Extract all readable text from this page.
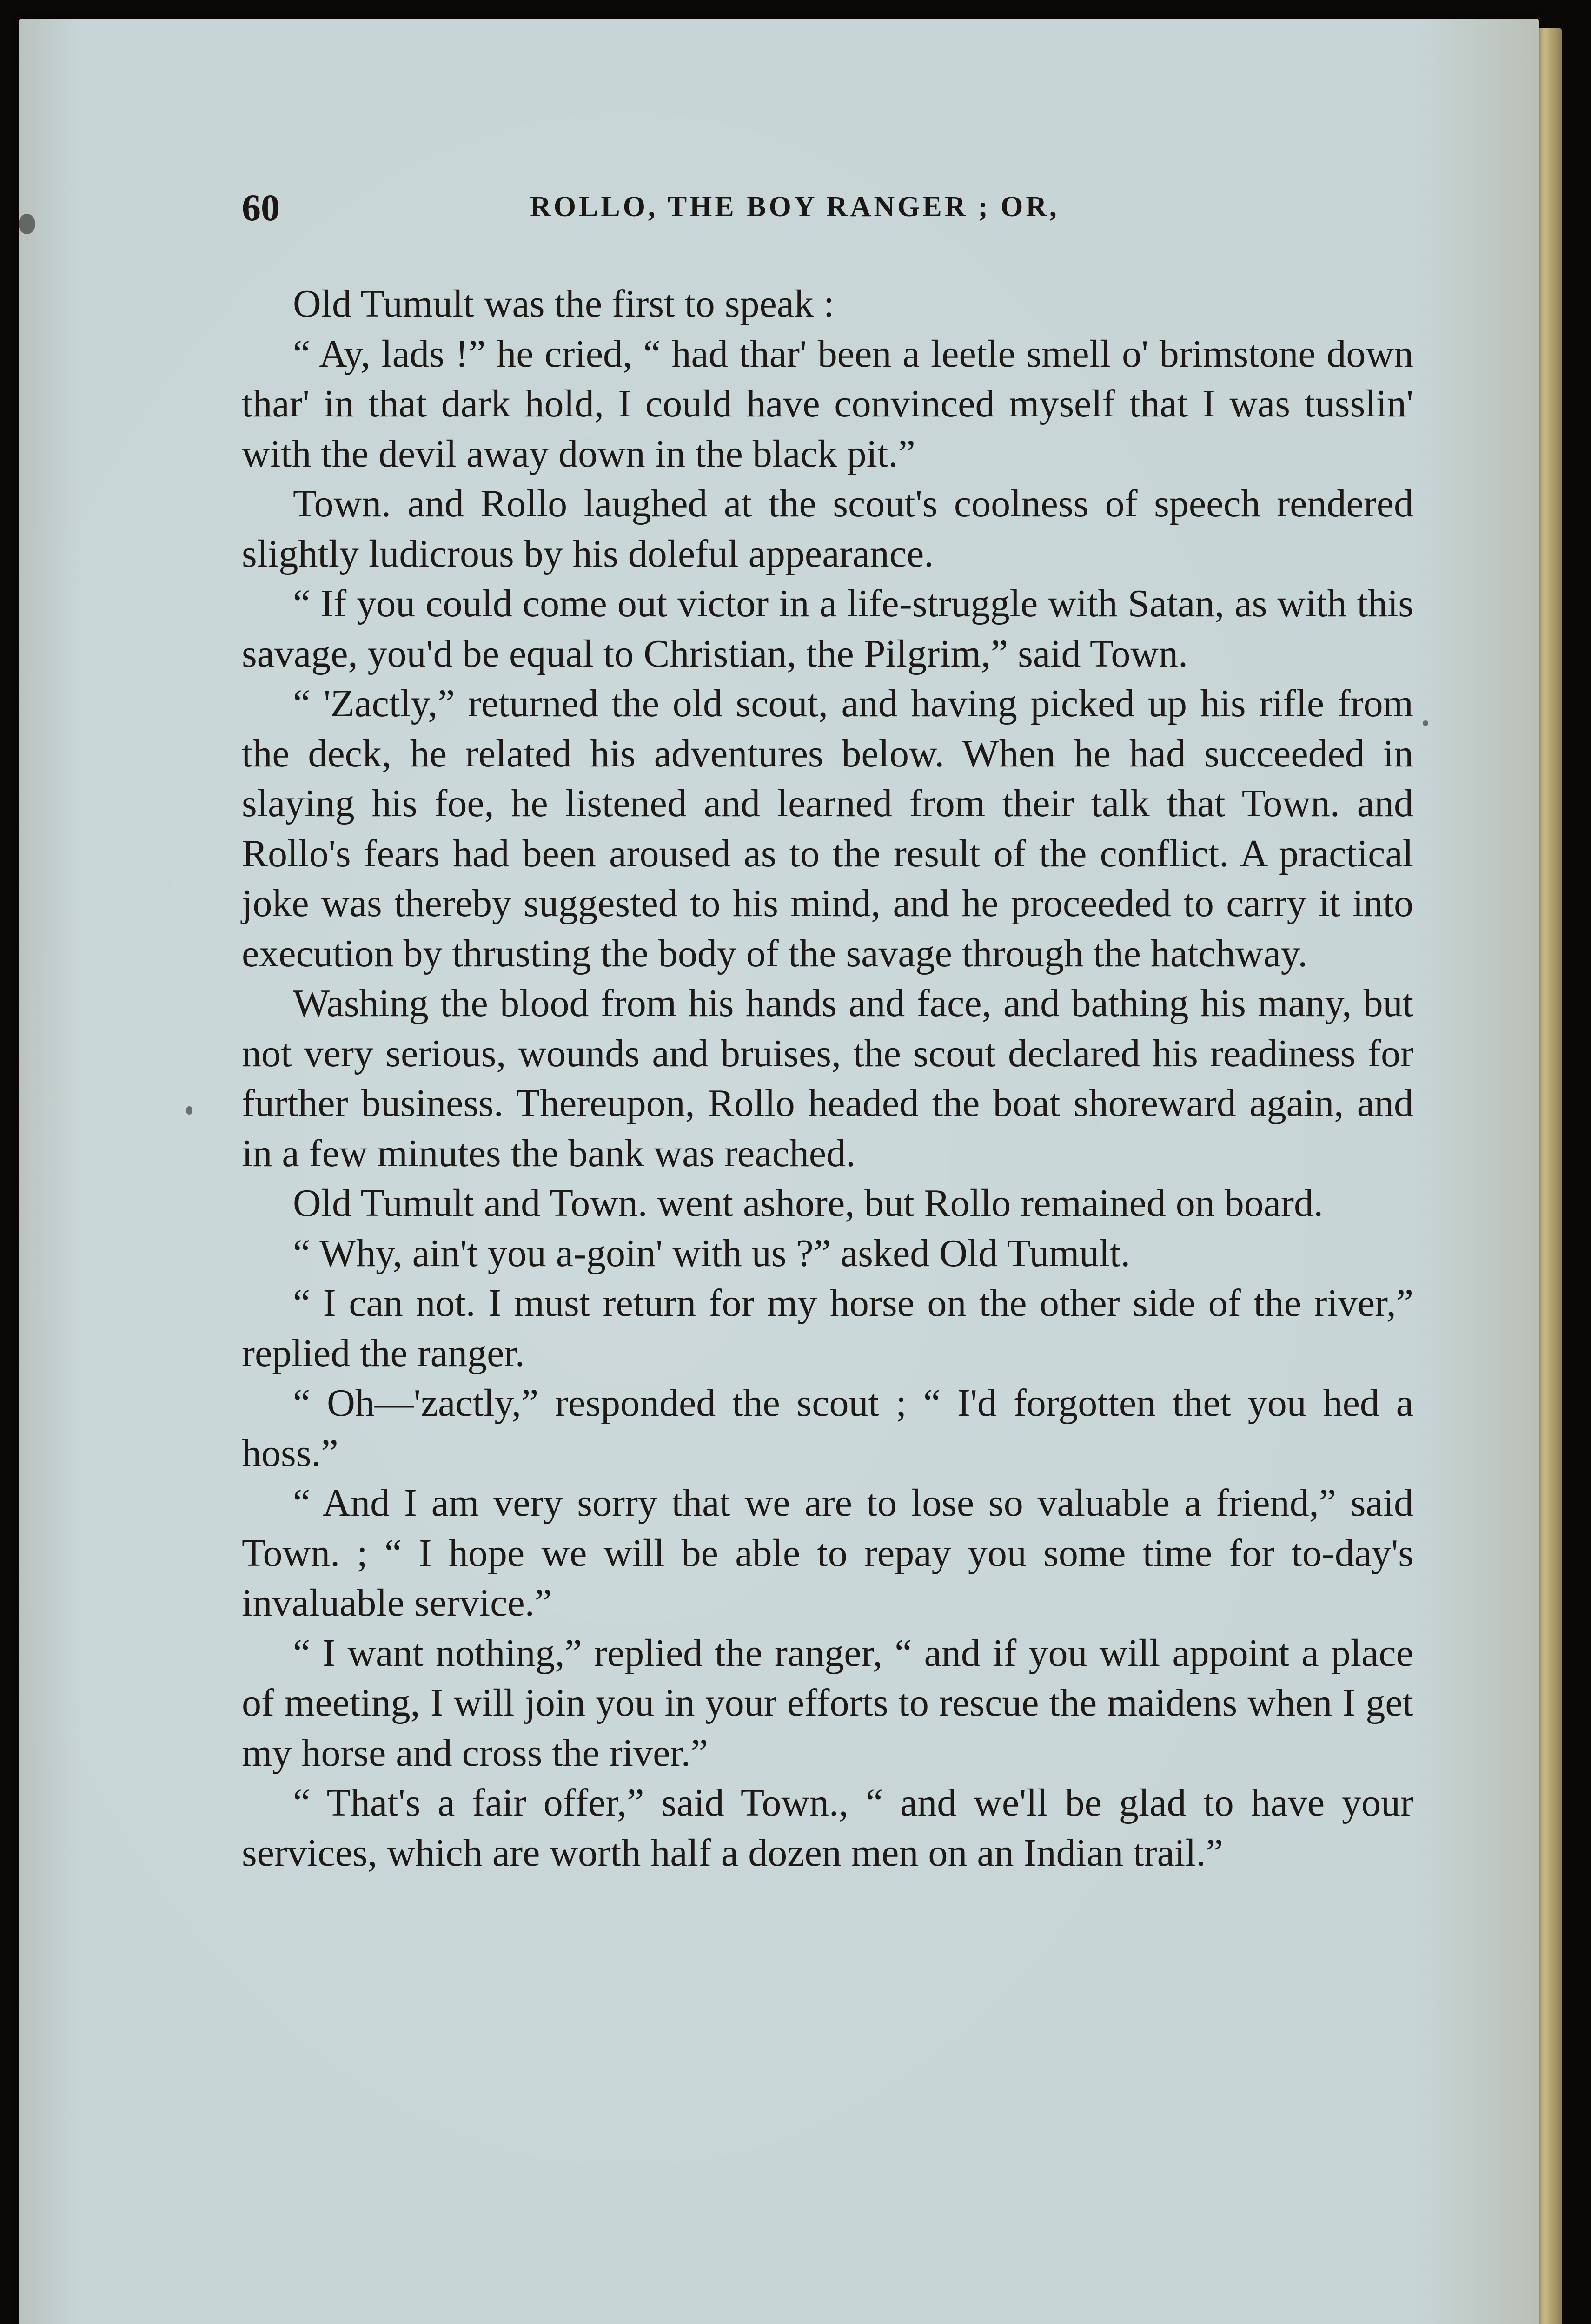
60	ROLLO, THE BOY RANGER ; OR,

Old Tumult was the first to speak :

“ Ay, lads !” he cried, “ had thar' been a leetle smell o' brimstone down thar' in that dark hold, I could have convinced myself that I was tusslin' with the devil away down in the black pit.”

Town. and Rollo laughed at the scout's coolness of speech rendered slightly ludicrous by his doleful appearance.

“ If you could come out victor in a life-struggle with Satan, as with this savage, you'd be equal to Christian, the Pilgrim,” said Town.

“ 'Zactly,” returned the old scout, and having picked up his rifle from the deck, he related his adventures below. When he had succeeded in slaying his foe, he listened and learned from their talk that Town. and Rollo's fears had been aroused as to the result of the conflict. A practical joke was thereby suggested to his mind, and he proceeded to carry it into execution by thrusting the body of the savage through the hatchway.

Washing the blood from his hands and face, and bathing his many, but not very serious, wounds and bruises, the scout declared his readiness for further business. Thereupon, Rollo headed the boat shoreward again, and in a few minutes the bank was reached.

Old Tumult and Town. went ashore, but Rollo remained on board.

“ Why, ain't you a-goin' with us ?” asked Old Tumult.

“ I can not. I must return for my horse on the other side of the river,” replied the ranger.

“ Oh—'zactly,” responded the scout ; “ I'd forgotten thet you hed a hoss.”

“ And I am very sorry that we are to lose so valuable a friend,” said Town. ; “ I hope we will be able to repay you some time for to-day's invaluable service.”

“ I want nothing,” replied the ranger, “ and if you will appoint a place of meeting, I will join you in your efforts to rescue the maidens when I get my horse and cross the river.”

“ That's a fair offer,” said Town., “ and we'll be glad to have your services, which are worth half a dozen men on an Indian trail.”
